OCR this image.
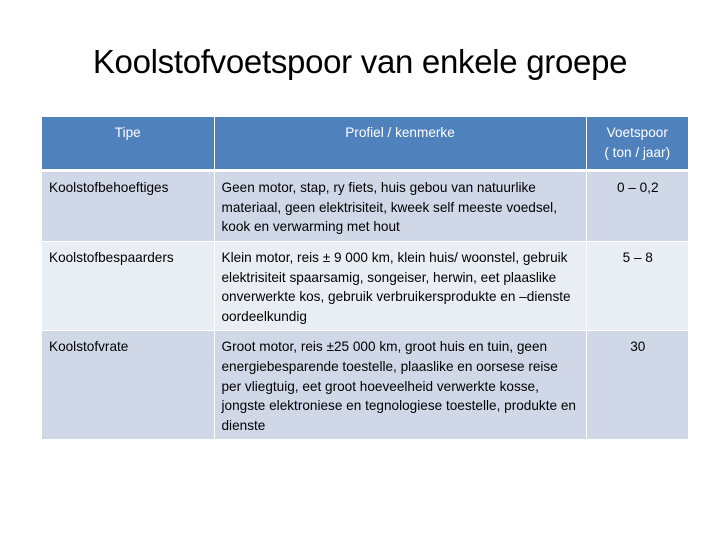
Koolstofvoetspoor van enkele groepe
Tipe	Profiel / kenmerke	Voetspoor
( ton / jaar)
Koolstofbehoeftiges	Geen motor, stap, ry fiets, huis gebou van natuurlike materiaal, geen elektrisiteit, kweek self meeste voedsel, kook en verwarming met hout	0 – 0,2
Koolstofbespaarders	Klein motor, reis ± 9 000 km, klein huis/ woonstel, gebruik elektrisiteit spaarsamig, songeiser, herwin, eet plaaslike onverwerkte kos, gebruik verbruikersprodukte en –dienste oordeelkundig	5 – 8
Koolstofvrate	Groot motor, reis ±25 000 km, groot huis en tuin, geen energiebesparende toestelle, plaaslike en oorsese reise per vliegtuig, eet groot hoeveelheid verwerkte kosse, jongste elektroniese en tegnologiese toestelle, produkte en dienste	30
